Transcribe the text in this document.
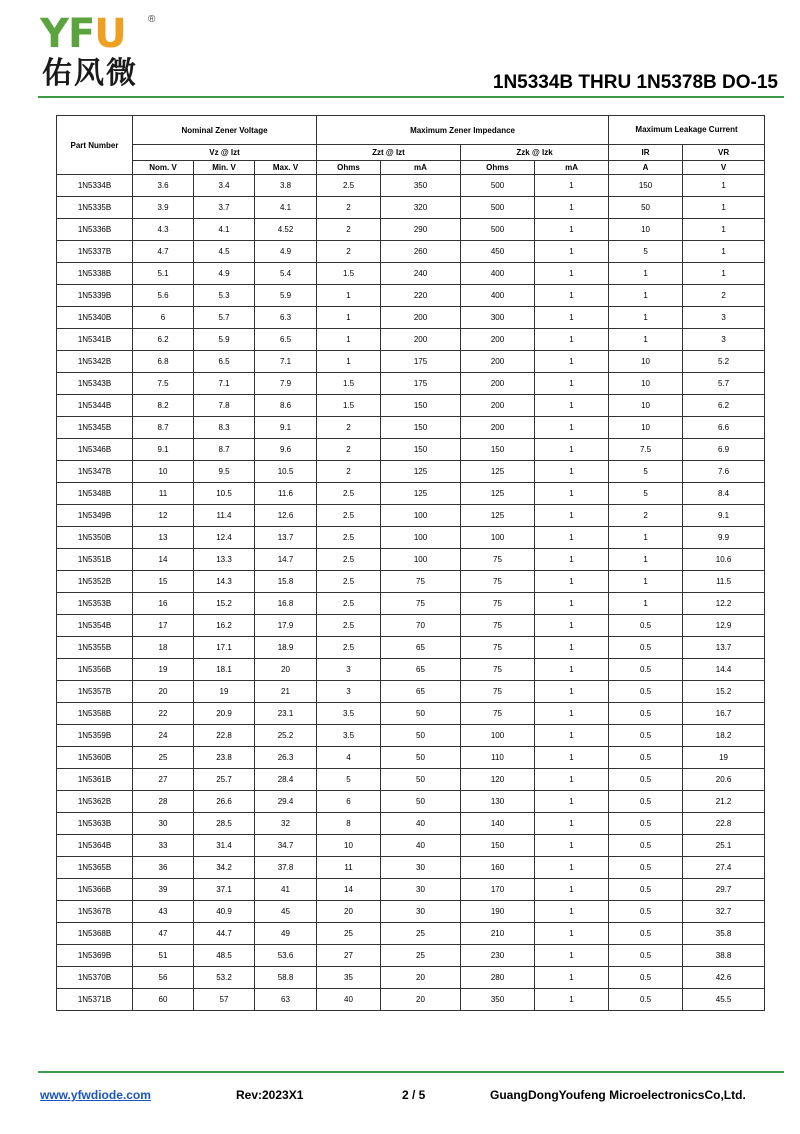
YFU ®
佑风微	1N5334B THRU 1N5378B DO-15
Part Number	Nominal Zener Voltage			Maximum Zener Impedance				Maximum Leakage Current	
	Vz @ Izt			Zzt @ Izt		Zzk @ Izk		IR	VR
	Nom. V	Min. V	Max. V	Ohms	mA	Ohms	mA	A	V
1N5334B	3.6	3.4	3.8	2.5	350	500	1	150	1
1N5335B	3.9	3.7	4.1	2	320	500	1	50	1
1N5336B	4.3	4.1	4.52	2	290	500	1	10	1
1N5337B	4.7	4.5	4.9	2	260	450	1	5	1
1N5338B	5.1	4.9	5.4	1.5	240	400	1	1	1
1N5339B	5.6	5.3	5.9	1	220	400	1	1	2
1N5340B	6	5.7	6.3	1	200	300	1	1	3
1N5341B	6.2	5.9	6.5	1	200	200	1	1	3
1N5342B	6.8	6.5	7.1	1	175	200	1	10	5.2
1N5343B	7.5	7.1	7.9	1.5	175	200	1	10	5.7
1N5344B	8.2	7.8	8.6	1.5	150	200	1	10	6.2
1N5345B	8.7	8.3	9.1	2	150	200	1	10	6.6
1N5346B	9.1	8.7	9.6	2	150	150	1	7.5	6.9
1N5347B	10	9.5	10.5	2	125	125	1	5	7.6
1N5348B	11	10.5	11.6	2.5	125	125	1	5	8.4
1N5349B	12	11.4	12.6	2.5	100	125	1	2	9.1
1N5350B	13	12.4	13.7	2.5	100	100	1	1	9.9
1N5351B	14	13.3	14.7	2.5	100	75	1	1	10.6
1N5352B	15	14.3	15.8	2.5	75	75	1	1	11.5
1N5353B	16	15.2	16.8	2.5	75	75	1	1	12.2
1N5354B	17	16.2	17.9	2.5	70	75	1	0.5	12.9
1N5355B	18	17.1	18.9	2.5	65	75	1	0.5	13.7
1N5356B	19	18.1	20	3	65	75	1	0.5	14.4
1N5357B	20	19	21	3	65	75	1	0.5	15.2
1N5358B	22	20.9	23.1	3.5	50	75	1	0.5	16.7
1N5359B	24	22.8	25.2	3.5	50	100	1	0.5	18.2
1N5360B	25	23.8	26.3	4	50	110	1	0.5	19
1N5361B	27	25.7	28.4	5	50	120	1	0.5	20.6
1N5362B	28	26.6	29.4	6	50	130	1	0.5	21.2
1N5363B	30	28.5	32	8	40	140	1	0.5	22.8
1N5364B	33	31.4	34.7	10	40	150	1	0.5	25.1
1N5365B	36	34.2	37.8	11	30	160	1	0.5	27.4
1N5366B	39	37.1	41	14	30	170	1	0.5	29.7
1N5367B	43	40.9	45	20	30	190	1	0.5	32.7
1N5368B	47	44.7	49	25	25	210	1	0.5	35.8
1N5369B	51	48.5	53.6	27	25	230	1	0.5	38.8
1N5370B	56	53.2	58.8	35	20	280	1	0.5	42.6
1N5371B	60	57	63	40	20	350	1	0.5	45.5
www.yfwdiode.com	Rev:2023X1	2 / 5	GuangDongYoufeng MicroelectronicsCo,Ltd.
